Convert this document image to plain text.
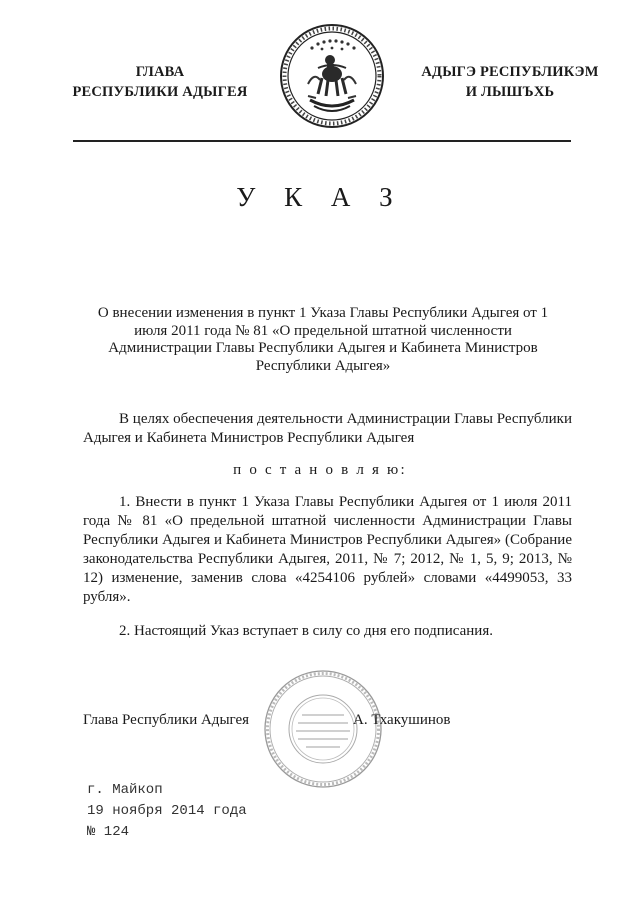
ГЛАВА
РЕСПУБЛИКИ АДЫГЕЯ
АДЫГЭ РЕСПУБЛИКЭМ
И ЛЫШЪХЬ
У К А З
О внесении изменения в пункт 1 Указа Главы Республики Адыгея от 1 июля 2011 года № 81 «О предельной штатной численности Администрации Главы Республики Адыгея и Кабинета Министров Республики Адыгея»
В целях обеспечения деятельности Администрации Главы Республики Адыгея и Кабинета Министров Республики Адыгея
п о с т а н о в л я ю:
1. Внести в пункт 1 Указа Главы Республики Адыгея от 1 июля 2011 года № 81 «О предельной штатной численности Администрации Главы Республики Адыгея и Кабинета Министров Республики Адыгея» (Собрание законодательства Республики Адыгея, 2011, № 7; 2012, № 1, 5, 9; 2013, № 12) изменение, заменив слова «4254106 рублей» словами «4499053, 33 рубля».
2. Настоящий Указ вступает в силу со дня его подписания.
Глава Республики Адыгея	А. Тхакушинов
г. Майкоп
19 ноября 2014 года
№ 124
